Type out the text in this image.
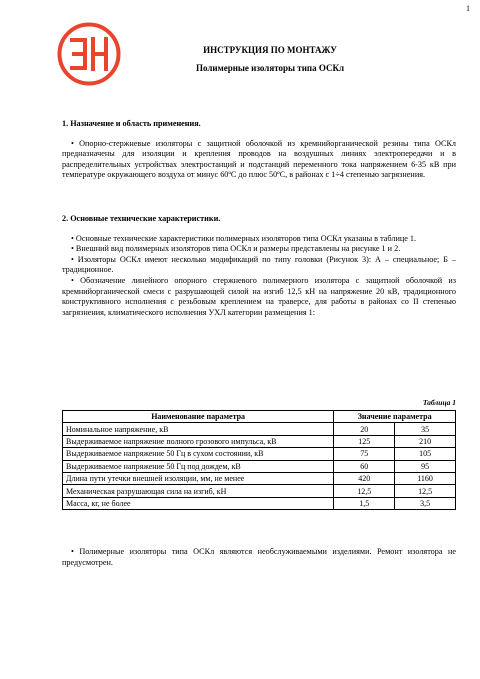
1
ИНСТРУКЦИЯ ПО МОНТАЖУ
Полимерные изоляторы типа ОСКл
1. Назначение и область применения.

• Опорно-стержневые изоляторы с защитной оболочкой из кремнийорганической резины типа ОСКл предназначены для изоляции и крепления проводов на воздушных линиях электропередачи и в распределительных устройствах электростанций и подстанций переменного тока напряжением 6-35 кВ при температуре окружающего воздуха от минус 60ºС до плюс 50ºС, в районах с 1÷4 степенью загрязнения.

2. Основные технические характеристики.

• Основные технические характеристики полимерных изоляторов типа ОСКл указаны в таблице 1.

• Внешний вид полимерных изоляторов типа ОСКл и размеры представлены на рисунке 1 и 2.

• Изоляторы ОСКл имеют несколько модификаций по типу головки (Рисунок 3): А – специальное; Б – традиционное.

• Обозначение линейного опорного стержневого полимерного изолятора с защитной оболочкой из кремнийорганической смеси с разрушающей силой на изгиб 12,5 кН на напряжение 20 кВ, традиционного конструктивного исполнения с резьбовым креплением на траверсе, для работы в районах со II степенью загрязнения, климатического исполнения УХЛ категории размещения 1:

Таблица 1
Наименование параметра	Значение параметра	
Номинальное напряжение, кВ	20	35
Выдерживаемое напряжение полного грозового импульса, кВ	125	210
Выдерживаемое напряжение 50 Гц в сухом состоянии, кВ	75	105
Выдерживаемое напряжение 50 Гц под дождем, кВ	60	95
Длина пути утечки внешней изоляции, мм, не менее	420	1160
Механическая разрушающая сила на изгиб, кН	12,5	12,5
Масса, кг, не более	1,5	3,5

• Полимерные изоляторы типа ОСКл являются необслуживаемыми изделиями. Ремонт изолятора не предусмотрен.
